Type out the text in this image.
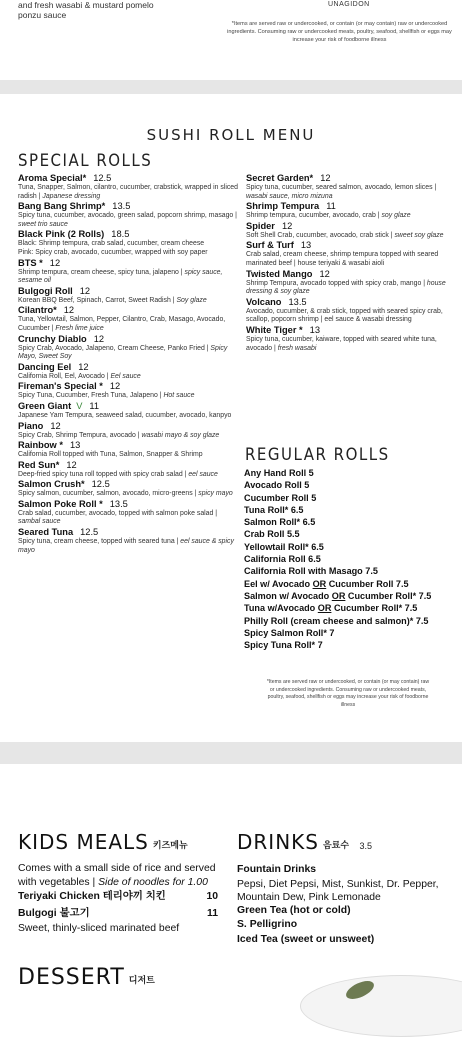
and fresh wasabi & mustard pomelo
ponzu sauce
UNAGIDON
*Items are served raw or undercooked, or contain (or may contain) raw or undercooked ingredients. Consuming raw or undercooked meats, poultry, seafood, shellfish or eggs may increase your risk of foodborne illness
SUSHI ROLL MENU
SPECIAL ROLLS
Aroma Special* 12.5
Tuna, Snapper, Salmon, cilantro, cucumber, crabstick, wrapped in sliced radish | Japanese dressing
Bang Bang Shrimp* 13.5
Spicy tuna, cucumber, avocado, green salad, popcorn shrimp, masago | sweet trio sauce
Black Pink (2 Rolls) 18.5
Black: Shrimp tempura, crab salad, cucumber, cream cheese
Pink: Spicy crab, avocado, cucumber, wrapped with soy paper
BTS * 12
Shrimp tempura, cream cheese, spicy tuna, jalapeno | spicy sauce, sesame oil
Bulgogi Roll 12
Korean BBQ Beef, Spinach, Carrot, Sweet Radish | Soy glaze
Cilantro* 12
Tuna, Yellowtail, Salmon, Pepper, Cilantro, Crab, Masago, Avocado, Cucumber | Fresh lime juice
Crunchy Diablo 12
Spicy Crab, Avocado, Jalapeno, Cream Cheese, Panko Fried | Spicy Mayo, Sweet Soy
Dancing Eel 12
California Roll, Eel, Avocado | Eel sauce
Fireman's Special * 12
Spicy Tuna, Cucumber, Fresh Tuna, Jalapeno | Hot sauce
Green Giant V 11
Japanese Yam Tempura, seaweed salad, cucumber, avocado, kanpyo
Piano 12
Spicy Crab, Shrimp Tempura, avocado | wasabi mayo & soy glaze
Rainbow * 13
California Roll topped with Tuna, Salmon, Snapper & Shrimp
Red Sun* 12
Deep-fried spicy tuna roll topped with spicy crab salad | eel sauce
Salmon Crush* 12.5
Spicy salmon, cucumber, salmon, avocado, micro-greens | spicy mayo
Salmon Poke Roll * 13.5
Crab salad, cucumber, avocado, topped with salmon poke salad | sambal sauce
Seared Tuna 12.5
Spicy tuna, cream cheese, topped with seared tuna | eel sauce & spicy mayo
Secret Garden* 12
Spicy tuna, cucumber, seared salmon, avocado, lemon slices | wasabi sauce, micro mizuna
Shrimp Tempura 11
Shrimp tempura, cucumber, avocado, crab | soy glaze
Spider 12
Soft Shell Crab, cucumber, avocado, crab stick | sweet soy glaze
Surf & Turf 13
Crab salad, cream cheese, shrimp tempura topped with seared marinated beef | house teriyaki & wasabi aioli
Twisted Mango 12
Shrimp Tempura, avocado topped with spicy crab, mango | house dressing & soy glaze
Volcano 13.5
Avocado, cucumber, & crab stick, topped with seared spicy crab, scallop, popcorn shrimp | eel sauce & wasabi dressing
White Tiger * 13
Spicy tuna, cucumber, kaiware, topped with seared white tuna, avocado | fresh wasabi
REGULAR ROLLS
Any Hand Roll 5
Avocado Roll 5
Cucumber Roll 5
Tuna Roll* 6.5
Salmon Roll* 6.5
Crab Roll 5.5
Yellowtail Roll* 6.5
California Roll 6.5
California Roll with Masago 7.5
Eel w/ Avocado OR Cucumber Roll 7.5
Salmon w/ Avocado OR Cucumber Roll* 7.5
Tuna w/Avocado OR Cucumber Roll* 7.5
Philly Roll (cream cheese and salmon)* 7.5
Spicy Salmon Roll* 7
Spicy Tuna Roll* 7
*Items are served raw or undercooked, or contain (or may contain) raw or undercooked ingredients. Consuming raw or undercooked meats, poultry, seafood, shellfish or eggs may increase your risk of foodborne illness
KIDS MEALS 키즈메뉴
Comes with a small side of rice and served with vegetables | Side of noodles for 1.00
Teriyaki Chicken 테리야끼 치킨	10
Bulgogi 불고기	11
Sweet, thinly-sliced marinated beef
DRINKS 음료수 3.5
Fountain Drinks
Pepsi, Diet Pepsi, Mist, Sunkist, Dr. Pepper, Mountain Dew, Pink Lemonade
Green Tea (hot or cold)
S. Pelligrino
Iced Tea (sweet or unsweet)
DESSERT 디저트
